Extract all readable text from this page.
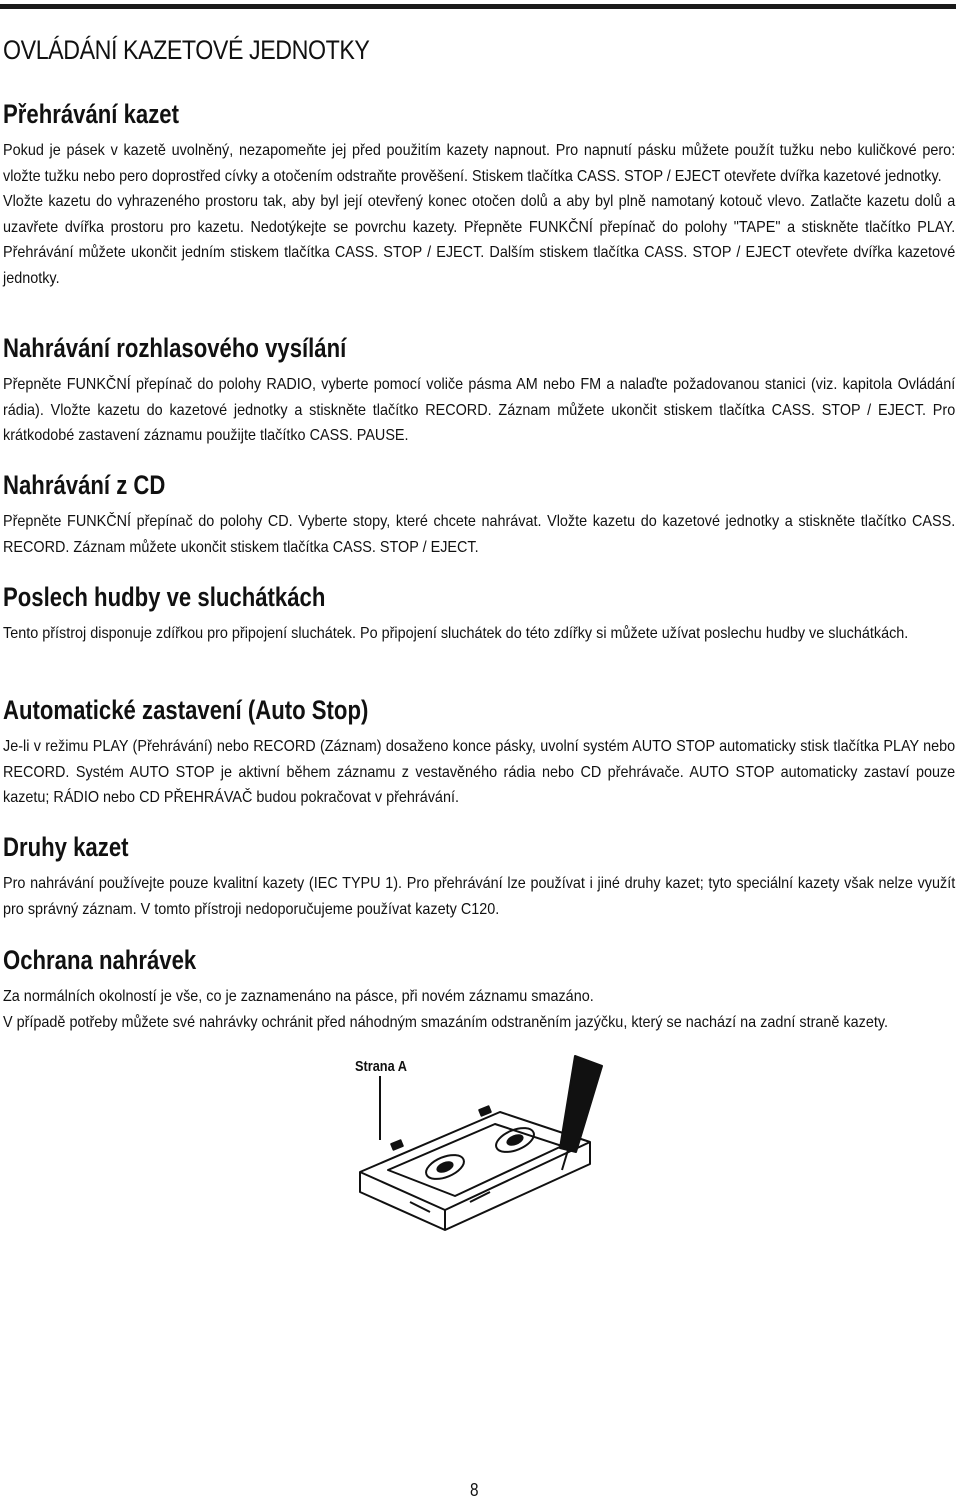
OVLÁDÁNÍ KAZETOVÉ JEDNOTKY
Přehrávání kazet

Pokud je pásek v kazetě uvolněný, nezapomeňte jej před použitím kazety napnout. Pro napnutí pásku můžete použít tužku nebo kuličkové pero: vložte tužku nebo pero doprostřed cívky a otočením odstraňte prověšení. Stiskem tlačítka CASS. STOP / EJECT otevřete dvířka kazetové jednotky.

Vložte kazetu do vyhrazeného prostoru tak, aby byl její otevřený konec otočen dolů a aby byl plně namotaný kotouč vlevo. Zatlačte kazetu dolů a uzavřete dvířka prostoru pro kazetu. Nedotýkejte se povrchu kazety. Přepněte FUNKČNÍ přepínač do polohy "TAPE" a stiskněte tlačítko PLAY. Přehrávání můžete ukončit jedním stiskem tlačítka CASS. STOP / EJECT. Dalším stiskem tlačítka CASS. STOP / EJECT otevřete dvířka kazetové jednotky.

Nahrávání rozhlasového vysílání

Přepněte FUNKČNÍ přepínač do polohy RADIO, vyberte pomocí voliče pásma AM nebo FM a nalaďte požadovanou stanici (viz. kapitola Ovládání rádia). Vložte kazetu do kazetové jednotky a stiskněte tlačítko RECORD. Záznam můžete ukončit stiskem tlačítka CASS. STOP / EJECT. Pro krátkodobé zastavení záznamu použijte tlačítko CASS. PAUSE.

Nahrávání z CD

Přepněte FUNKČNÍ přepínač do polohy CD. Vyberte stopy, které chcete nahrávat. Vložte kazetu do kazetové jednotky a stiskněte tlačítko CASS. RECORD. Záznam můžete ukončit stiskem tlačítka CASS. STOP / EJECT.

Poslech hudby ve sluchátkách

Tento přístroj disponuje zdířkou pro připojení sluchátek. Po připojení sluchátek do této zdířky si můžete užívat poslechu hudby ve sluchátkách.

Automatické zastavení (Auto Stop)

Je-li v režimu PLAY (Přehrávání) nebo RECORD (Záznam) dosaženo konce pásky, uvolní systém AUTO STOP automaticky stisk tlačítka PLAY nebo RECORD. Systém AUTO STOP je aktivní během záznamu z vestavěného rádia nebo CD přehrávače. AUTO STOP automaticky zastaví pouze kazetu; RÁDIO nebo CD PŘEHRÁVAČ budou pokračovat v přehrávání.

Druhy kazet

Pro nahrávání používejte pouze kvalitní kazety (IEC TYPU 1). Pro přehrávání lze používat i jiné druhy kazet; tyto speciální kazety však nelze využít pro správný záznam. V tomto přístroji nedoporučujeme používat kazety C120.

Ochrana nahrávek

Za normálních okolností je vše, co je zaznamenáno na pásce, při novém záznamu smazáno.

V případě potřeby můžete své nahrávky ochránit před náhodným smazáním odstraněním jazýčku, který se nachází na zadní straně kazety.

Strana A
8
